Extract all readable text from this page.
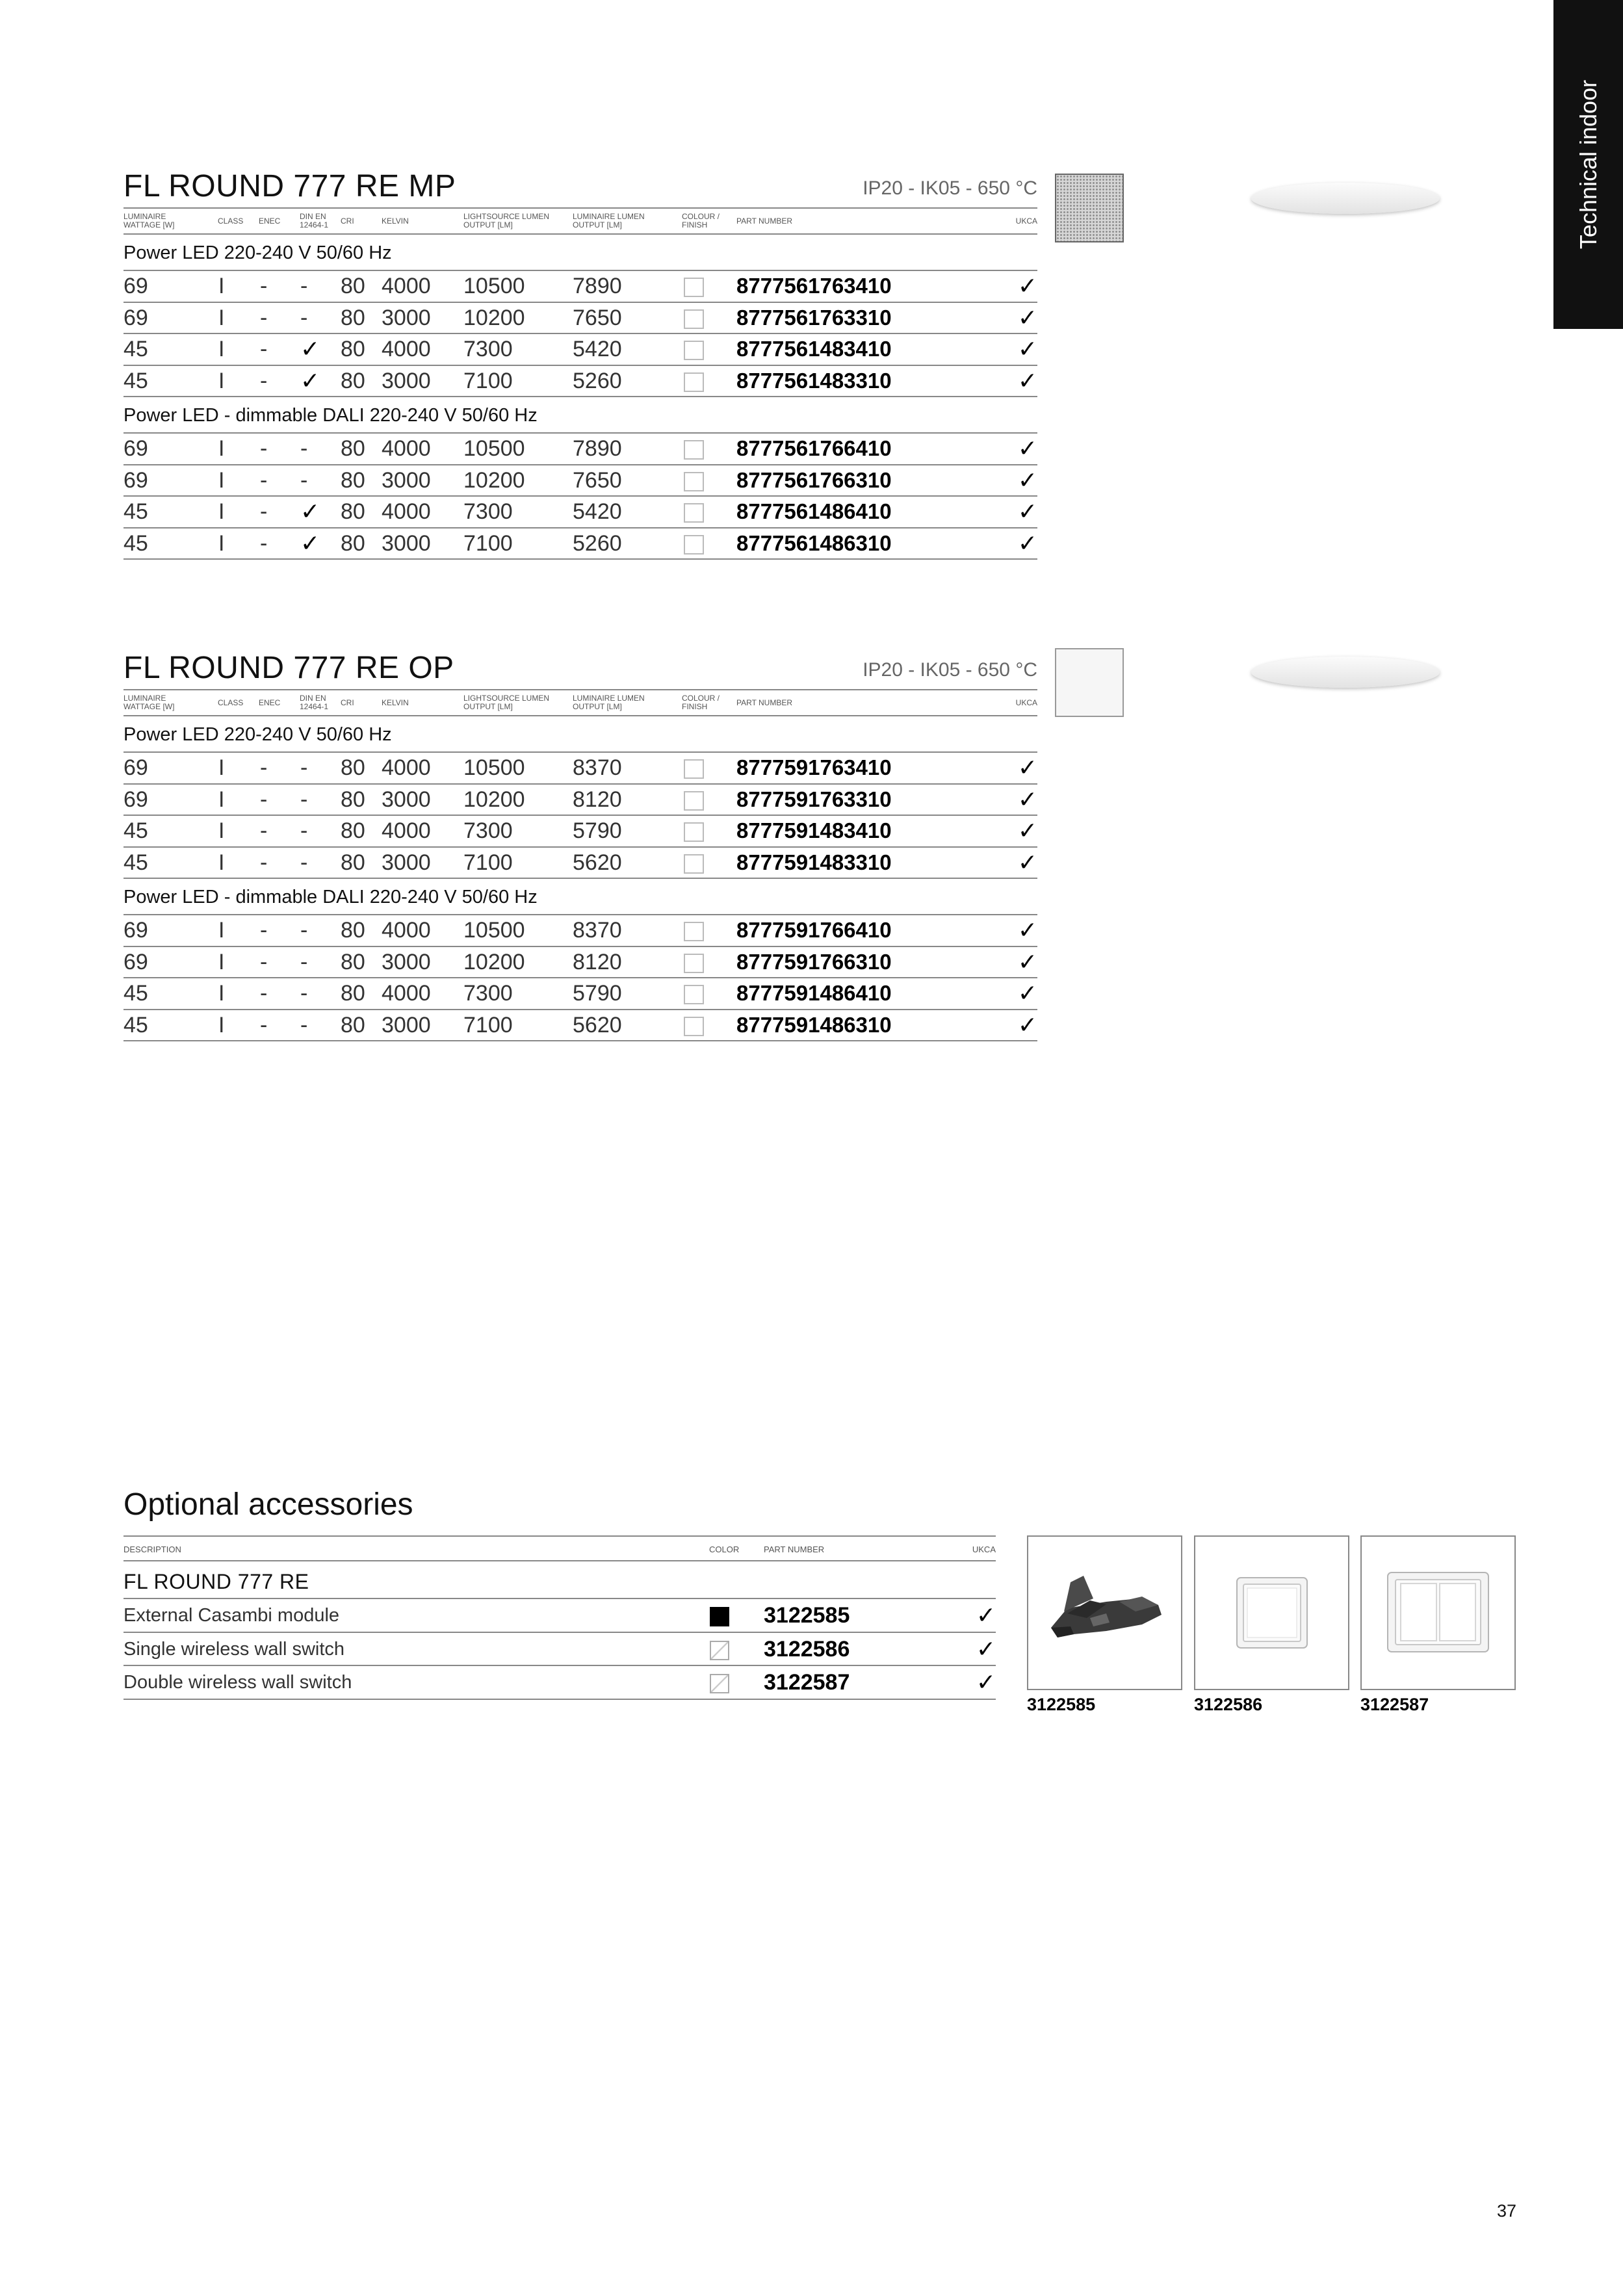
Technical indoor
FL ROUND 777 RE MP	IP20 - IK05 - 650 °C
LUMINAIRE
WATTAGE [W]	CLASS ENEC DIN EN
12464-1 CRI	KELVIN	LIGHTSOURCE LUMEN
OUTPUT [LM]
LUMINAIRE LUMEN
OUTPUT [LM]
COLOUR /
FINISH	PART NUMBER	UKCA
Power LED 220-240 V 50/60 Hz
69	I - - 80 4000 10500 7890	8777561763410	✓
69	I - - 80 3000 10200 7650	8777561763310	✓
45	I - ✓ 80 4000 7300	5420	8777561483410	✓
45	I - ✓ 80 3000 7100	5260	8777561483310	✓
Power LED - dimmable DALI 220-240 V 50/60 Hz
69	I - - 80 4000 10500 7890	8777561766410	✓
69	I - - 80 3000 10200 7650	8777561766310	✓
45	I - ✓ 80 4000 7300	5420	8777561486410	✓
45	I - ✓ 80 3000 7100	5260	8777561486310	✓
FL ROUND 777 RE OP	IP20 - IK05 - 650 °C
LUMINAIRE
WATTAGE [W]	CLASS ENEC DIN EN
12464-1 CRI	KELVIN	LIGHTSOURCE LUMEN
OUTPUT [LM]
LUMINAIRE LUMEN
OUTPUT [LM]
COLOUR /
FINISH	PART NUMBER	UKCA
Power LED 220-240 V 50/60 Hz
69	I - - 80 4000 10500 8370	8777591763410	✓
69	I - - 80 3000 10200 8120	8777591763310	✓
45	I - - 80 4000 7300	5790	8777591483410	✓
45	I - - 80 3000 7100	5620	8777591483310	✓
Power LED - dimmable DALI 220-240 V 50/60 Hz
69	I - - 80 4000 10500 8370	8777591766410	✓
69	I - - 80 3000 10200 8120	8777591766310	✓
45	I - - 80 4000 7300	5790	8777591486410	✓
45	I - - 80 3000 7100	5620	8777591486310	✓
Optional accessories
DESCRIPTION	COLOR	PART NUMBER	UKCA
FL ROUND 777 RE
External Casambi module	3122585	✓
Single wireless wall switch	3122586	✓
Double wireless wall switch	3122587	✓
3122585	3122586	3122587
37
